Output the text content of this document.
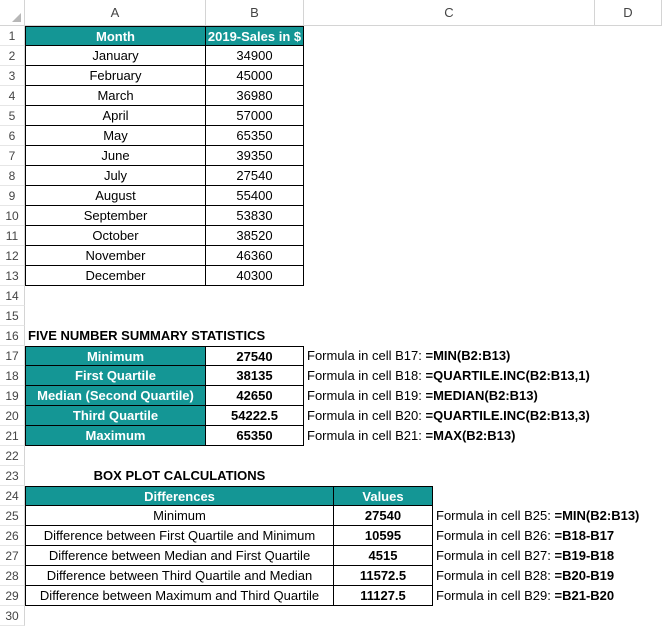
A	B	C	D
1
2
3
4
5
6
7
8
9
10
11
12
13
14
15
16
17
18
19
20
21
22
23
24
25
26
27
28
29
30
Month	2019-Sales in $
January	34900
February	45000
March	36980
April	57000
May	65350
June	39350
July	27540
August	55400
September	53830
October	38520
November	46360
December	40300
FIVE NUMBER SUMMARY STATISTICS
Minimum	27540	Formula in cell B17: =MIN(B2:B13)
First Quartile	38135	Formula in cell B18: =QUARTILE.INC(B2:B13,1)
Median (Second Quartile)	42650	Formula in cell B19: =MEDIAN(B2:B13)
Third Quartile	54222.5	Formula in cell B20: =QUARTILE.INC(B2:B13,3)
Maximum	65350	Formula in cell B21: =MAX(B2:B13)
BOX PLOT CALCULATIONS
Differences	Values
Minimum	27540	Formula in cell B25: =MIN(B2:B13)
Difference between First Quartile and Minimum	10595	Formula in cell B26: =B18-B17
Difference between Median and First Quartile	4515	Formula in cell B27: =B19-B18
Difference between Third Quartile and Median	11572.5	Formula in cell B28: =B20-B19
Difference between Maximum and Third Quartile	11127.5	Formula in cell B29: =B21-B20
